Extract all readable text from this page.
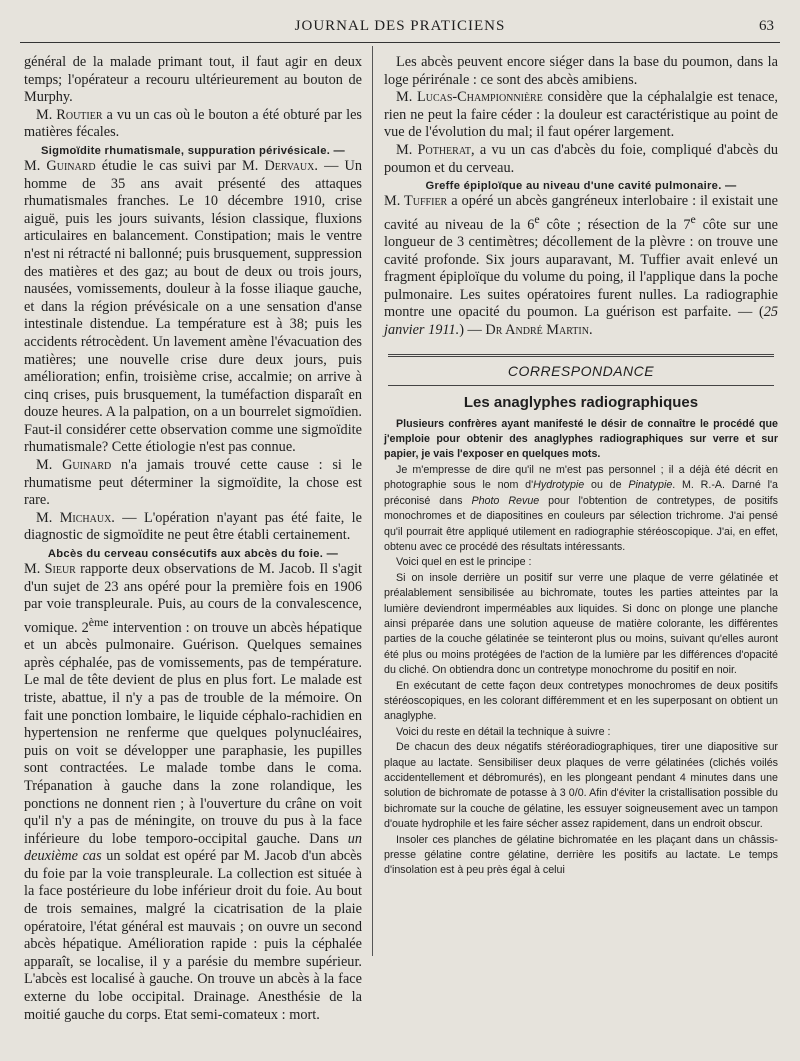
JOURNAL DES PRATICIENS	63

général de la malade primant tout, il faut agir en deux temps; l'opérateur a recouru ultérieurement au bouton de Murphy.

M. Routier a vu un cas où le bouton a été obturé par les matières fécales.

Sigmoïdite rhumatismale, suppuration périvésicale. —

M. Guinard étudie le cas suivi par M. Dervaux. — Un homme de 35 ans avait présenté des attaques rhumatismales franches. Le 10 décembre 1910, crise aiguë, puis les jours suivants, lésion classique, fluxions articulaires en balancement. Constipation; mais le ventre n'est ni rétracté ni ballonné; puis brusquement, suppression des matières et des gaz; au bout de deux ou trois jours, nausées, vomissements, douleur à la fosse iliaque gauche, et dans la région prévésicale on a une sensation d'anse intestinale distendue. La température est à 38; puis les accidents rétrocèdent. Un lavement amène l'évacuation des matières; une nouvelle crise dure deux jours, puis amélioration; enfin, troisième crise, accalmie; on arrive à cinq crises, puis brusquement, la tuméfaction disparaît en douze heures. A la palpation, on a un bourrelet sigmoïdien. Faut-il considérer cette observation comme une sigmoïdite rhumatismale? Cette étiologie n'est pas connue.

M. Guinard n'a jamais trouvé cette cause : si le rhumatisme peut déterminer la sigmoïdite, la chose est rare.

M. Michaux. — L'opération n'ayant pas été faite, le diagnostic de sigmoïdite ne peut être établi certainement.

Abcès du cerveau consécutifs aux abcès du foie. —

M. Sieur rapporte deux observations de M. Jacob. Il s'agit d'un sujet de 23 ans opéré pour la première fois en 1906 par voie transpleurale. Puis, au cours de la convalescence, vomique. 2ème intervention : on trouve un abcès hépatique et un abcès pulmonaire. Guérison. Quelques semaines après céphalée, pas de vomissements, pas de température. Le mal de tête devient de plus en plus fort. Le malade est triste, abattue, il n'y a pas de trouble de la mémoire. On fait une ponction lombaire, le liquide céphalo-rachidien en hypertension ne renferme que quelques polynucléaires, puis on voit se développer une paraphasie, les pupilles sont contractées. Le malade tombe dans le coma. Trépanation à gauche dans la zone rolandique, les ponctions ne donnent rien ; à l'ouverture du crâne on voit qu'il n'y a pas de méningite, on trouve du pus à la face inférieure du lobe temporo-occipital gauche. Dans un deuxième cas un soldat est opéré par M. Jacob d'un abcès du foie par la voie transpleurale. La collection est située à la face postérieure du lobe inférieur droit du foie. Au bout de trois semaines, malgré la cicatrisation de la plaie opératoire, l'état général est mauvais ; on ouvre un second abcès hépatique. Amélioration rapide : puis la céphalée apparaît, se localise, il y a parésie du membre supérieur. L'abcès est localisé à gauche. On trouve un abcès à la face externe du lobe occipital. Drainage. Anesthésie de la moitié gauche du corps. Etat semi-comateux : mort.

Les abcès peuvent encore siéger dans la base du poumon, dans la loge périrénale : ce sont des abcès amibiens.

M. Lucas-Championnière considère que la céphalalgie est tenace, rien ne peut la faire céder : la douleur est caractéristique au point de vue de l'évolution du mal; il faut opérer largement.

M. Potherat, a vu un cas d'abcès du foie, compliqué d'abcès du poumon et du cerveau.

Greffe épiploïque au niveau d'une cavité pulmonaire. —

M. Tuffier a opéré un abcès gangréneux interlobaire : il existait une cavité au niveau de la 6e côte ; résection de la 7e côte sur une longueur de 3 centimètres; décollement de la plèvre : on trouve une cavité profonde. Six jours auparavant, M. Tuffier avait enlevé un fragment épiploïque du volume du poing, il l'applique dans la poche pulmonaire. Les suites opératoires furent nulles. La radiographie montre une opacité du poumon. La guérison est parfaite. — (25 janvier 1911.) — Dr André Martin.

CORRESPONDANCE
Les anaglyphes radiographiques

Plusieurs confrères ayant manifesté le désir de connaître le procédé que j'emploie pour obtenir des anaglyphes radiographiques sur verre et sur papier, je vais l'exposer en quelques mots.

Je m'empresse de dire qu'il ne m'est pas personnel ; il a déjà été décrit en photographie sous le nom d'Hydrotypie ou de Pinatypie. M. R.-A. Darné l'a préconisé dans Photo Revue pour l'obtention de contretypes, de positifs monochromes et de diapositines en couleurs par sélection trichrome. J'ai pensé qu'il pourrait être appliqué utilement en radiographie stéréoscopique. J'ai, en effet, obtenu avec ce procédé des résultats intéressants.

Voici quel en est le principe :

Si on insole derrière un positif sur verre une plaque de verre gélatinée et préalablement sensibilisée au bichromate, toutes les parties atteintes par la lumière deviendront imperméables aux liquides. Si donc on plonge une planche ainsi préparée dans une solution aqueuse de matière colorante, les différentes parties de la couche gélatinée se teinteront plus ou moins, suivant qu'elles auront été plus ou moins protégées de l'action de la lumière par les différences d'opacité du cliché. On obtiendra donc un contretype monochrome du positif en noir.

En exécutant de cette façon deux contretypes monochromes de deux positifs stéréoscopiques, en les colorant différemment et en les superposant on obtient un anaglyphe.

Voici du reste en détail la technique à suivre :

De chacun des deux négatifs stéréoradiographiques, tirer une diapositive sur plaque au lactate. Sensibiliser deux plaques de verre gélatinées (clichés voilés accidentellement et débromurés), en les plongeant pendant 4 minutes dans une solution de bichromate de potasse à 3 0/0. Afin d'éviter la cristallisation possible du bichromate sur la couche de gélatine, les essuyer soigneusement avec un tampon d'ouate hydrophile et les faire sécher assez rapidement, dans un endroit obscur.

Insoler ces planches de gélatine bichromatée en les plaçant dans un châssis-presse gélatine contre gélatine, derrière les positifs au lactate. Le temps d'insolation est à peu près égal à celui
